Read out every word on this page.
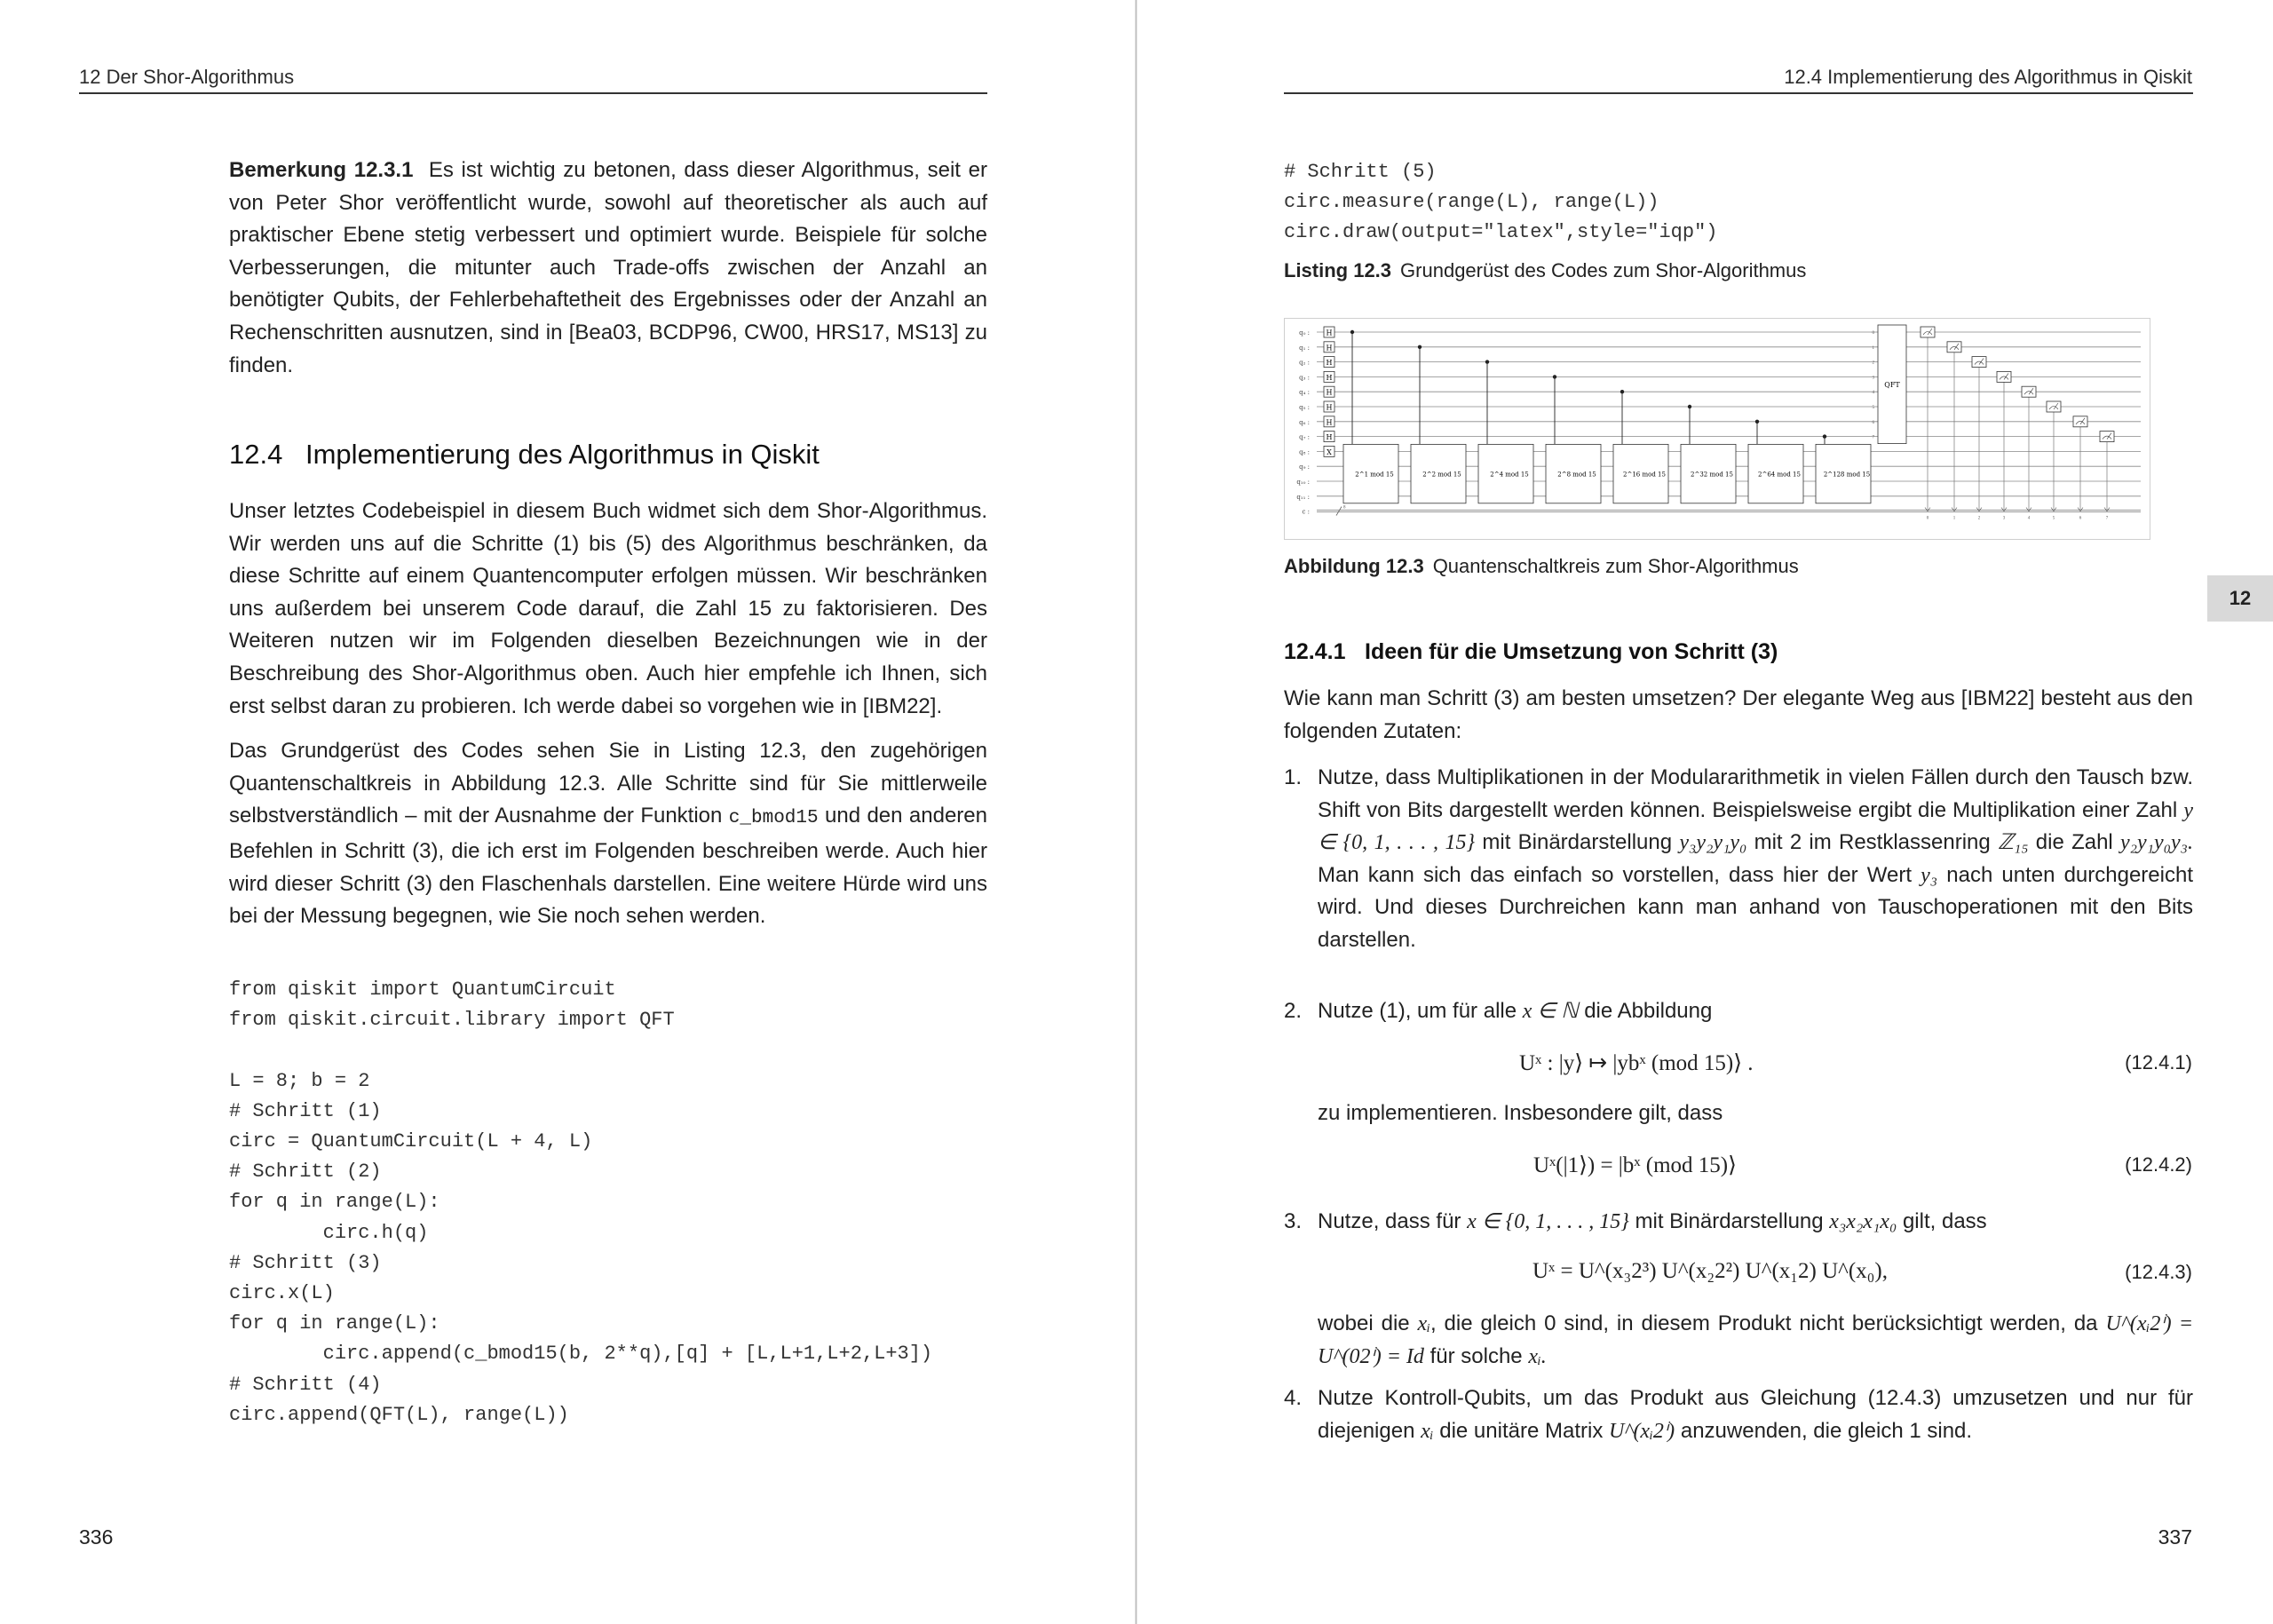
12 Der Shor-Algorithmus
Bemerkung 12.3.1 Es ist wichtig zu betonen, dass dieser Algorithmus, seit er von Peter Shor veröffentlicht wurde, sowohl auf theoretischer als auch auf praktischer Ebene stetig verbessert und optimiert wurde. Beispiele für solche Verbesserungen, die mitunter auch Trade-offs zwischen der Anzahl an benötigter Qubits, der Fehlerbehaftetheit des Ergebnisses oder der Anzahl an Rechenschritten ausnutzen, sind in [Bea03, BCDP96, CW00, HRS17, MS13] zu finden.
12.4 Implementierung des Algorithmus in Qiskit

Unser letztes Codebeispiel in diesem Buch widmet sich dem Shor-Algorithmus. Wir werden uns auf die Schritte (1) bis (5) des Algorithmus beschränken, da diese Schritte auf einem Quantencomputer erfolgen müssen. Wir beschränken uns außerdem bei unserem Code darauf, die Zahl 15 zu faktorisieren. Des Weiteren nutzen wir im Folgenden dieselben Bezeichnungen wie in der Beschreibung des Shor-Algorithmus oben. Auch hier empfehle ich Ihnen, sich erst selbst daran zu probieren. Ich werde dabei so vorgehen wie in [IBM22].

Das Grundgerüst des Codes sehen Sie in Listing 12.3, den zugehörigen Quantenschaltkreis in Abbildung 12.3. Alle Schritte sind für Sie mittlerweile selbstverständlich – mit der Ausnahme der Funktion c_bmod15 und den anderen Befehlen in Schritt (3), die ich erst im Folgenden beschreiben werde. Auch hier wird dieser Schritt (3) den Flaschenhals darstellen. Eine weitere Hürde wird uns bei der Messung begegnen, wie Sie noch sehen werden.

from qiskit import QuantumCircuit
from qiskit.circuit.library import QFT

L = 8; b = 2
# Schritt (1)
circ = QuantumCircuit(L + 4, L)
# Schritt (2)
for q in range(L):
circ.h(q)
# Schritt (3)
circ.x(L)
for q in range(L):
circ.append(c_bmod15(b, 2**q),[q] + [L,L+1,L+2,L+3])
# Schritt (4)
circ.append(QFT(L), range(L))
336
12.4 Implementierung des Algorithmus in Qiskit
# Schritt (5)
circ.measure(range(L), range(L))
circ.draw(output="latex",style="iqp")
Listing 12.3 Grundgerüst des Codes zum Shor-Algorithmus
Abbildung 12.3 Quantenschaltkreis zum Shor-Algorithmus
12.4.1 Ideen für die Umsetzung von Schritt (3)
Wie kann man Schritt (3) am besten umsetzen? Der elegante Weg aus [IBM22] besteht aus den folgenden Zutaten:
1. Nutze, dass Multiplikationen in der Modulararithmetik in vielen Fällen durch den Tausch bzw. Shift von Bits dargestellt werden können. Beispielsweise ergibt die Multiplikation einer Zahl y ∈ {0, 1, . . . , 15} mit Binärdarstellung y₃y₂y₁y₀ mit 2 im Restklassenring ℤ₁₅ die Zahl y₂y₁y₀y₃. Man kann sich das einfach so vorstellen, dass hier der Wert y₃ nach unten durchgereicht wird. Und dieses Durchreichen kann man anhand von Tauschoperationen mit den Bits darstellen.
2. Nutze (1), um für alle x ∈ ℕ die Abbildung
Uˣ : |y⟩ ↦ |ybˣ (mod 15)⟩ .	(12.4.1)
zu implementieren. Insbesondere gilt, dass
Uˣ(|1⟩) = |bˣ (mod 15)⟩	(12.4.2)
3. Nutze, dass für x ∈ {0, 1, . . . , 15} mit Binärdarstellung x₃x₂x₁x₀ gilt, dass
Uˣ = U^(x₃2³) U^(x₂2²) U^(x₁2) U^(x₀),	(12.4.3)
wobei die xᵢ, die gleich 0 sind, in diesem Produkt nicht berücksichtigt werden, da U^(xᵢ2ⁱ) = U^(02ⁱ) = Id für solche xᵢ.
4. Nutze Kontroll-Qubits, um das Produkt aus Gleichung (12.4.3) umzusetzen und nur für diejenigen xᵢ die unitäre Matrix U^(xᵢ2ⁱ) anzuwenden, die gleich 1 sind.
337
q₀ :
q₁ :
q₂ :
q₃ :
q₄ :
q₅ :
q₆ :
q₇ :
q₈ :
q₉ :
q₁₀ :
q₁₁ :
c :
H
H
H
H
H
H
H
H
X
2^1 mod 15	2^2 mod 15	2^4 mod 15	2^8 mod 15	2^16 mod 15	2^32 mod 15	2^64 mod 15	2^128 mod 15
QFT
0
1
2
3
4
5
6
7
8
0	1	2	3	4	5	6	7
12
